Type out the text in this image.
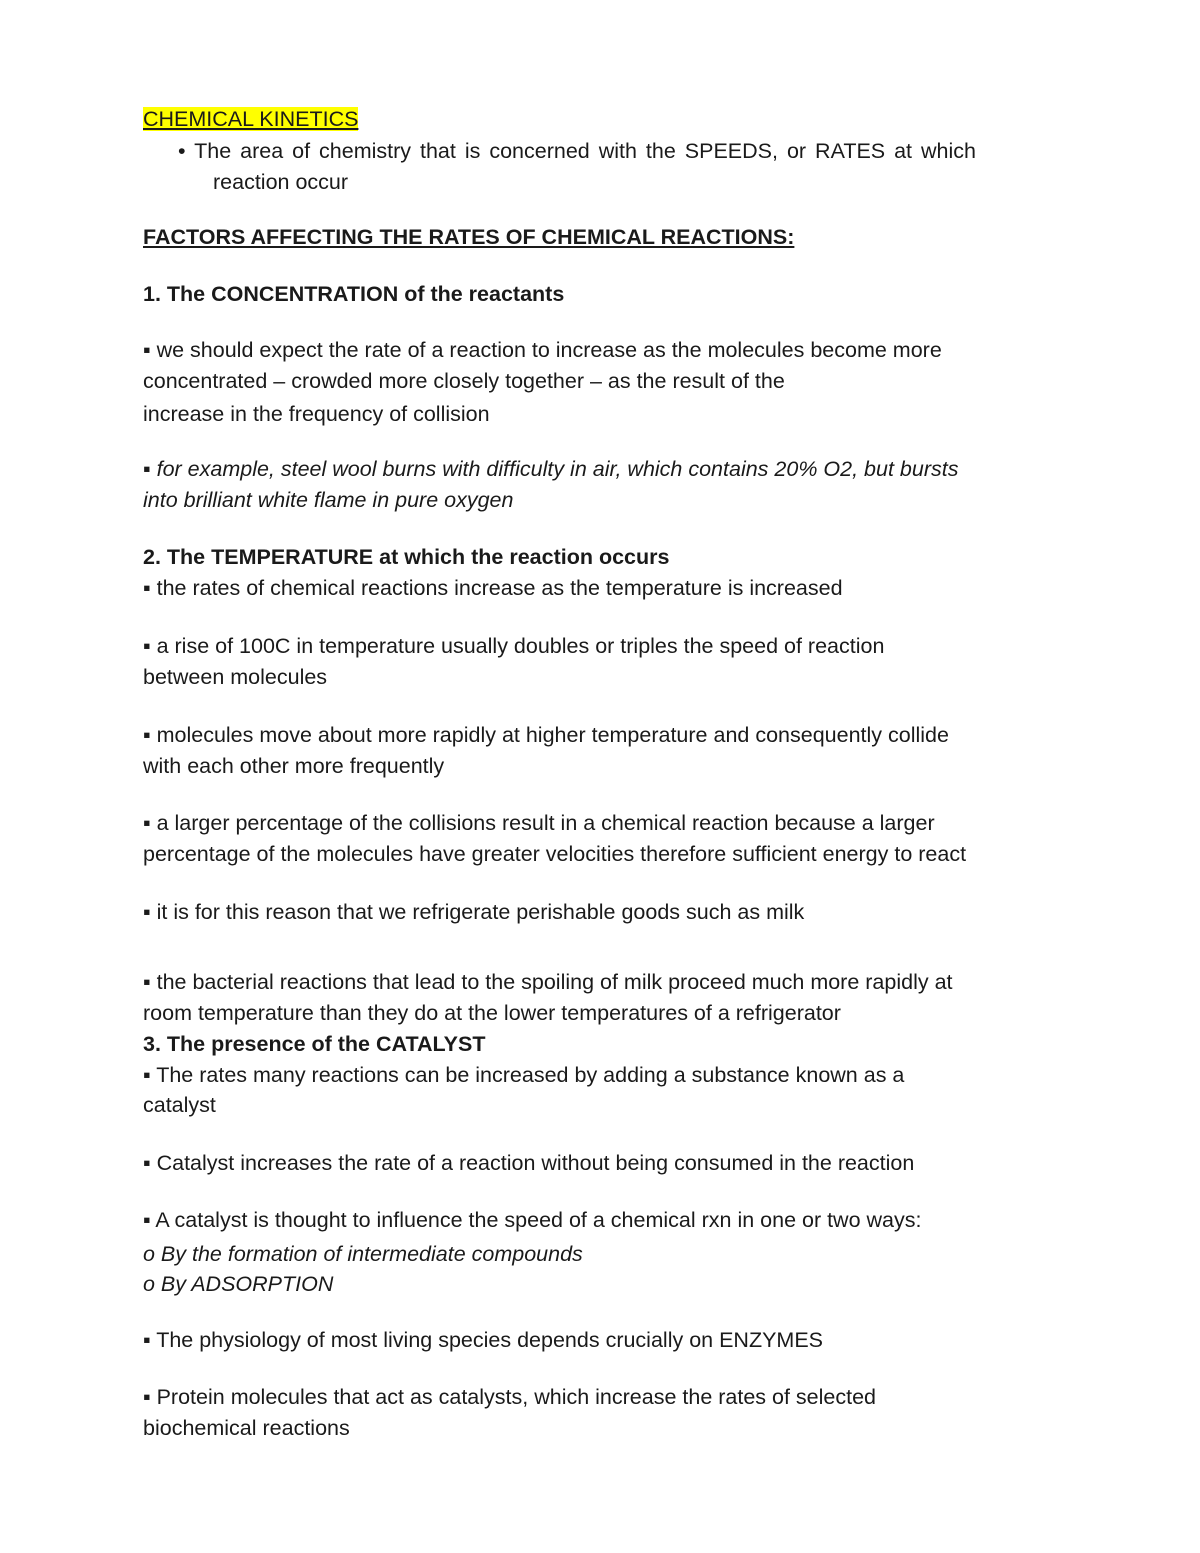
CHEMICAL KINETICS
• The area of chemistry that is concerned with the SPEEDS, or RATES at which
reaction occur
FACTORS AFFECTING THE RATES OF CHEMICAL REACTIONS:
1. The CONCENTRATION of the reactants
▪ we should expect the rate of a reaction to increase as the molecules become more
concentrated – crowded more closely together – as the result of the
increase in the frequency of collision
▪ for example, steel wool burns with difficulty in air, which contains 20% O2, but bursts
into brilliant white flame in pure oxygen
2. The TEMPERATURE at which the reaction occurs
▪ the rates of chemical reactions increase as the temperature is increased
▪ a rise of 100C in temperature usually doubles or triples the speed of reaction
between molecules
▪ molecules move about more rapidly at higher temperature and consequently collide
with each other more frequently
▪ a larger percentage of the collisions result in a chemical reaction because a larger
percentage of the molecules have greater velocities therefore sufficient energy to react
▪ it is for this reason that we refrigerate perishable goods such as milk
▪ the bacterial reactions that lead to the spoiling of milk proceed much more rapidly at
room temperature than they do at the lower temperatures of a refrigerator
3. The presence of the CATALYST
▪ The rates many reactions can be increased by adding a substance known as a
catalyst
▪ Catalyst increases the rate of a reaction without being consumed in the reaction
▪ A catalyst is thought to influence the speed of a chemical rxn in one or two ways:
o By the formation of intermediate compounds
o By ADSORPTION
▪ The physiology of most living species depends crucially on ENZYMES
▪ Protein molecules that act as catalysts, which increase the rates of selected
biochemical reactions
